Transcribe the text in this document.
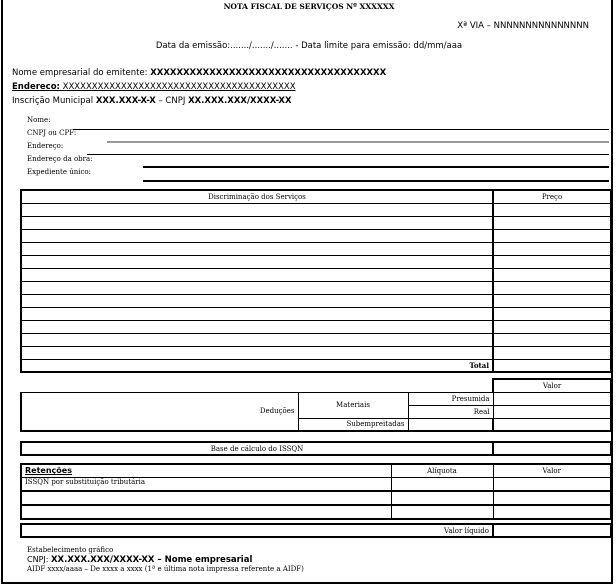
NOTA FISCAL DE SERVIÇOS Nº XXXXXX
Xª VIA – NNNNNNNNNNNNNNN
Data da emissão:......./......./....... - Data limite para emissão: dd/mm/aaa
Nome empresarial do emitente: XXXXXXXXXXXXXXXXXXXXXXXXXXXXXXXXXXXX
Endereco: XXXXXXXXXXXXXXXXXXXXXXXXXXXXXXXXXXXXXXXX
Inscrição Municipal XXX.XXX-X-X – CNPJ XX.XXX.XXX/XXXX-XX
Nome:
CNPJ ou CPF:
Endereço:
Endereço da obra:
Expediente único:
Discriminação dos Serviços	Preço

Total	
			Valor
Deduções	Materiais	Presumida	
		Real	
	Subempreitadas		
Base de cálculo do ISSQN	
Retenções	Alíquota	Valor
ISSQN por substituição tributária		

Valor líquido	
Estabelecimento gráfico
CNPJ: XX.XXX.XXX/XXXX-XX – Nome empresarial
AIDF xxxx/aaaa – De xxxx a xxxx (1ª e última nota impressa referente a AIDF)
